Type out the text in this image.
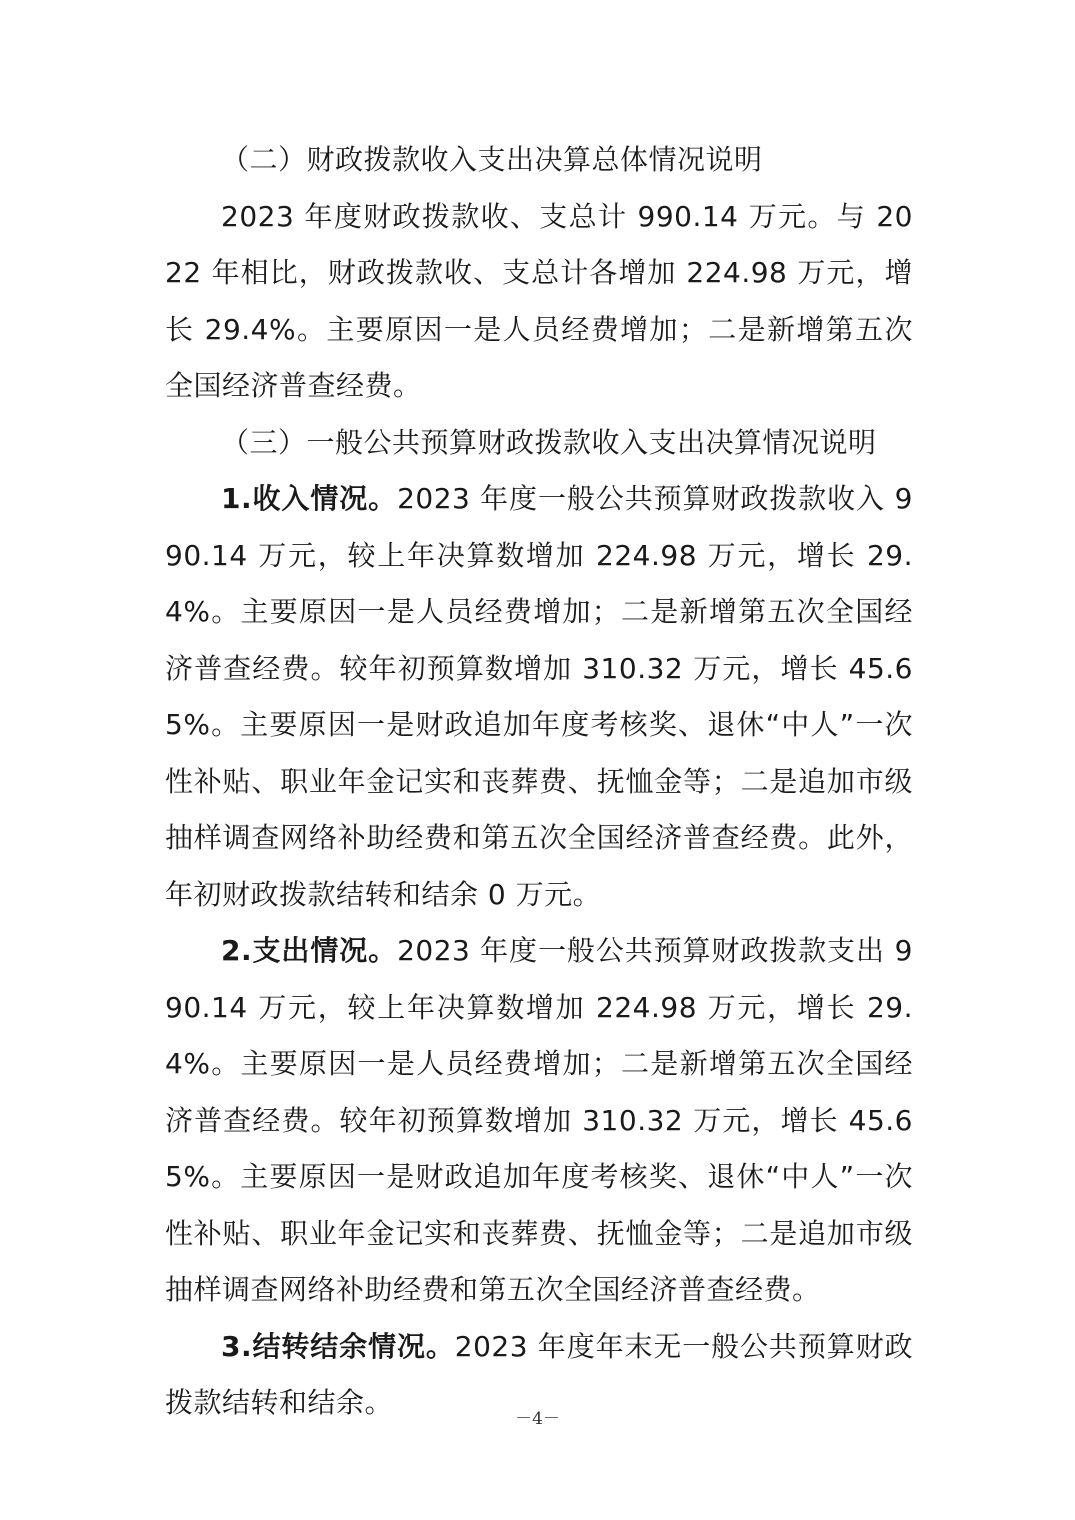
（二）财政拨款收入支出决算总体情况说明

2023 年度财政拨款收、支总计 990.14 万元。与 2022 年相比，财政拨款收、支总计各增加 224.98 万元，增长 29.4%。主要原因一是人员经费增加；二是新增第五次全国经济普查经费。

（三）一般公共预算财政拨款收入支出决算情况说明

1.收入情况。2023 年度一般公共预算财政拨款收入 990.14 万元，较上年决算数增加 224.98 万元，增长 29.4%。主要原因一是人员经费增加；二是新增第五次全国经济普查经费。较年初预算数增加 310.32 万元，增长 45.65%。主要原因一是财政追加年度考核奖、退休“中人”一次性补贴、职业年金记实和丧葬费、抚恤金等；二是追加市级抽样调查网络补助经费和第五次全国经济普查经费。此外，年初财政拨款结转和结余 0 万元。

2.支出情况。2023 年度一般公共预算财政拨款支出 990.14 万元，较上年决算数增加 224.98 万元，增长 29.4%。主要原因一是人员经费增加；二是新增第五次全国经济普查经费。较年初预算数增加 310.32 万元，增长 45.65%。主要原因一是财政追加年度考核奖、退休“中人”一次性补贴、职业年金记实和丧葬费、抚恤金等；二是追加市级抽样调查网络补助经费和第五次全国经济普查经费。

3.结转结余情况。2023 年度年末无一般公共预算财政拨款结转和结余。	－4－
